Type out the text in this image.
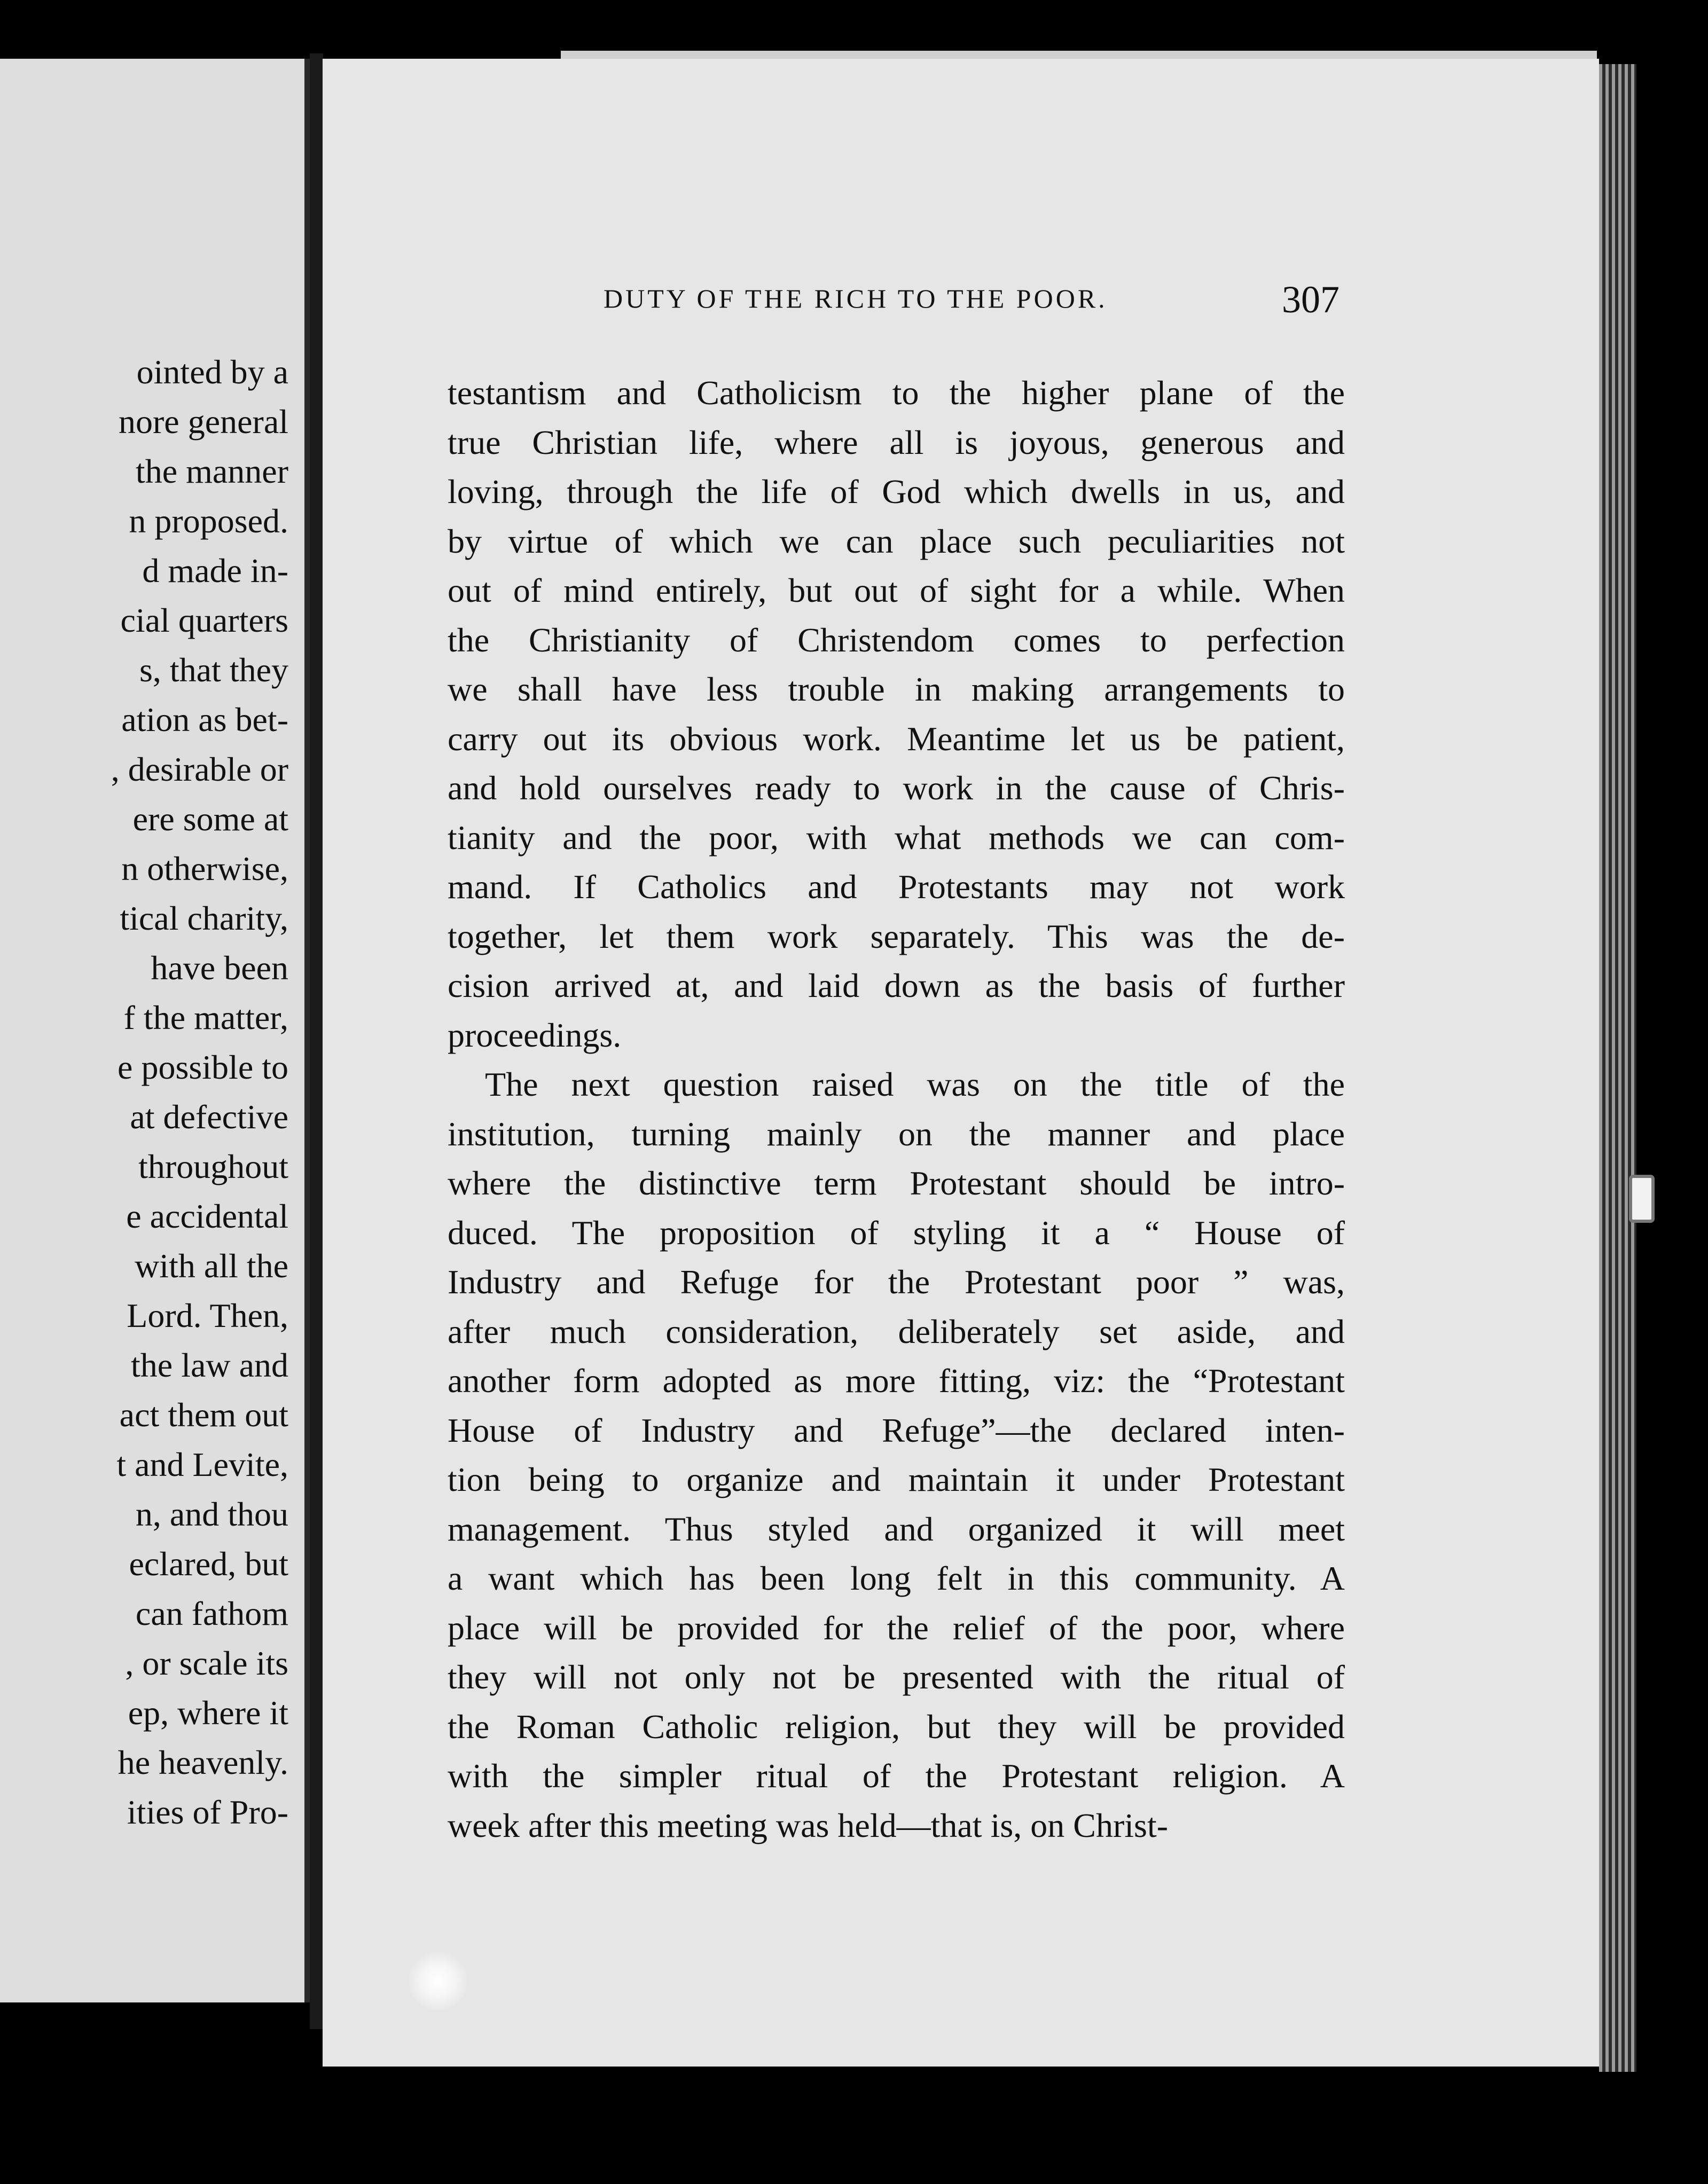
ointed by a
nore general
the manner
n proposed.
d made in-
cial quarters
s, that they
ation as bet-
, desirable or
ere some at
n otherwise,
tical charity,
have been
f the matter,
e possible to
at defective
throughout
e accidental
with all the
Lord. Then,
the law and
act them out
t and Levite,
n, and thou
eclared, but
can fathom
, or scale its
ep, where it
he heavenly.
ities of Pro-
DUTY OF THE RICH TO THE POOR.	307
testantism and Catholicism to the higher plane of the
true Christian life, where all is joyous, generous and
loving, through the life of God which dwells in us, and
by virtue of which we can place such peculiarities not
out of mind entirely, but out of sight for a while. When
the Christianity of Christendom comes to perfection
we shall have less trouble in making arrangements to
carry out its obvious work. Meantime let us be patient,
and hold ourselves ready to work in the cause of Chris-
tianity and the poor, with what methods we can com-
mand. If Catholics and Protestants may not work
together, let them work separately. This was the de-
cision arrived at, and laid down as the basis of further
proceedings.
The next question raised was on the title of the
institution, turning mainly on the manner and place
where the distinctive term Protestant should be intro-
duced. The proposition of styling it a “ House of
Industry and Refuge for the Protestant poor ” was,
after much consideration, deliberately set aside, and
another form adopted as more fitting, viz: the “Protestant
House of Industry and Refuge”—the declared inten-
tion being to organize and maintain it under Protestant
management. Thus styled and organized it will meet
a want which has been long felt in this community. A
place will be provided for the relief of the poor, where
they will not only not be presented with the ritual of
the Roman Catholic religion, but they will be provided
with the simpler ritual of the Protestant religion. A
week after this meeting was held—that is, on Christ-
